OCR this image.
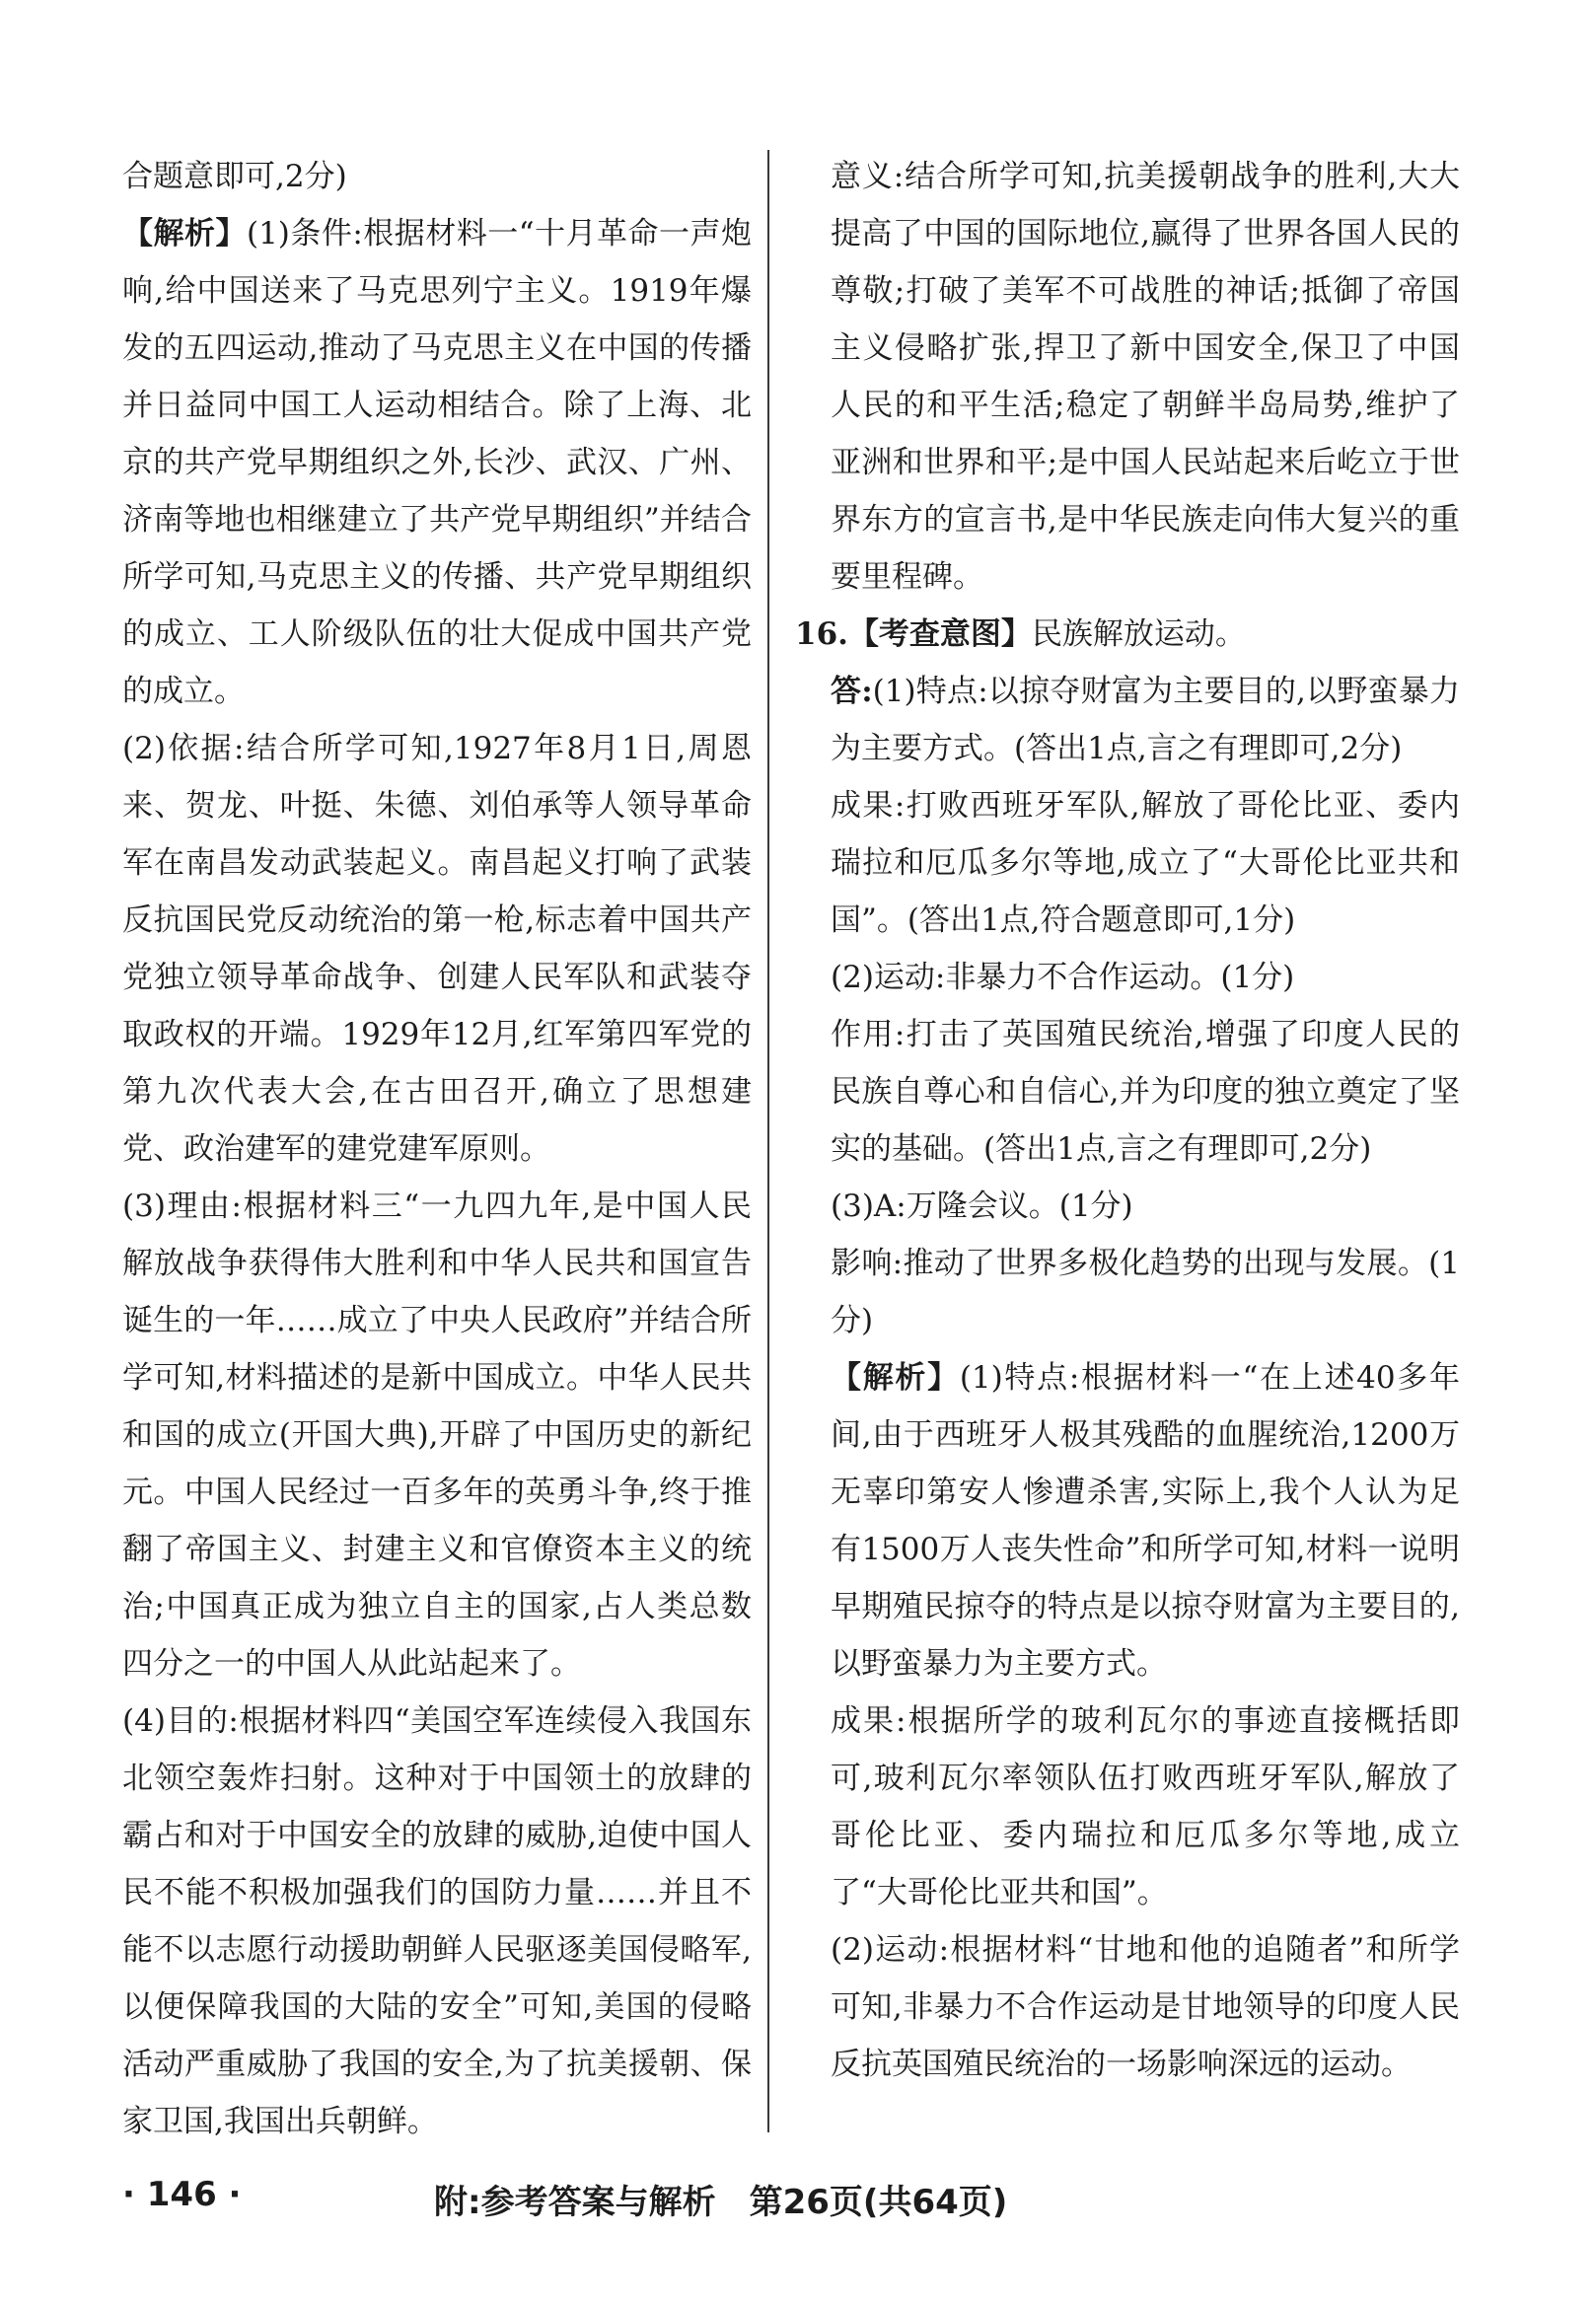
合题意即可,2分)

【解析】(1)条件:根据材料一“十月革命一声炮响,给中国送来了马克思列宁主义。1919年爆发的五四运动,推动了马克思主义在中国的传播并日益同中国工人运动相结合。除了上海、北京的共产党早期组织之外,长沙、武汉、广州、济南等地也相继建立了共产党早期组织”并结合所学可知,马克思主义的传播、共产党早期组织的成立、工人阶级队伍的壮大促成中国共产党的成立。

(2)依据:结合所学可知,1927年8月1日,周恩来、贺龙、叶挺、朱德、刘伯承等人领导革命军在南昌发动武装起义。南昌起义打响了武装反抗国民党反动统治的第一枪,标志着中国共产党独立领导革命战争、创建人民军队和武装夺取政权的开端。1929年12月,红军第四军党的第九次代表大会,在古田召开,确立了思想建党、政治建军的建党建军原则。

(3)理由:根据材料三“一九四九年,是中国人民解放战争获得伟大胜利和中华人民共和国宣告诞生的一年……成立了中央人民政府”并结合所学可知,材料描述的是新中国成立。中华人民共和国的成立(开国大典),开辟了中国历史的新纪元。中国人民经过一百多年的英勇斗争,终于推翻了帝国主义、封建主义和官僚资本主义的统治;中国真正成为独立自主的国家,占人类总数四分之一的中国人从此站起来了。

(4)目的:根据材料四“美国空军连续侵入我国东北领空轰炸扫射。这种对于中国领土的放肆的霸占和对于中国安全的放肆的威胁,迫使中国人民不能不积极加强我们的国防力量……并且不能不以志愿行动援助朝鲜人民驱逐美国侵略军,以便保障我国的大陆的安全”可知,美国的侵略活动严重威胁了我国的安全,为了抗美援朝、保家卫国,我国出兵朝鲜。

意义:结合所学可知,抗美援朝战争的胜利,大大提高了中国的国际地位,赢得了世界各国人民的尊敬;打破了美军不可战胜的神话;抵御了帝国主义侵略扩张,捍卫了新中国安全,保卫了中国人民的和平生活;稳定了朝鲜半岛局势,维护了亚洲和世界和平;是中国人民站起来后屹立于世界东方的宣言书,是中华民族走向伟大复兴的重要里程碑。

16.【考查意图】民族解放运动。

答:(1)特点:以掠夺财富为主要目的,以野蛮暴力为主要方式。(答出1点,言之有理即可,2分)

成果:打败西班牙军队,解放了哥伦比亚、委内瑞拉和厄瓜多尔等地,成立了“大哥伦比亚共和国”。(答出1点,符合题意即可,1分)

(2)运动:非暴力不合作运动。(1分)

作用:打击了英国殖民统治,增强了印度人民的民族自尊心和自信心,并为印度的独立奠定了坚实的基础。(答出1点,言之有理即可,2分)

(3)A:万隆会议。(1分)

影响:推动了世界多极化趋势的出现与发展。(1分)

【解析】(1)特点:根据材料一“在上述40多年间,由于西班牙人极其残酷的血腥统治,1200万无辜印第安人惨遭杀害,实际上,我个人认为足有1500万人丧失性命”和所学可知,材料一说明早期殖民掠夺的特点是以掠夺财富为主要目的,以野蛮暴力为主要方式。

成果:根据所学的玻利瓦尔的事迹直接概括即可,玻利瓦尔率领队伍打败西班牙军队,解放了哥伦比亚、委内瑞拉和厄瓜多尔等地,成立了“大哥伦比亚共和国”。

(2)运动:根据材料“甘地和他的追随者”和所学可知,非暴力不合作运动是甘地领导的印度人民反抗英国殖民统治的一场影响深远的运动。

· 146 ·	附:参考答案与解析　第26页(共64页)
